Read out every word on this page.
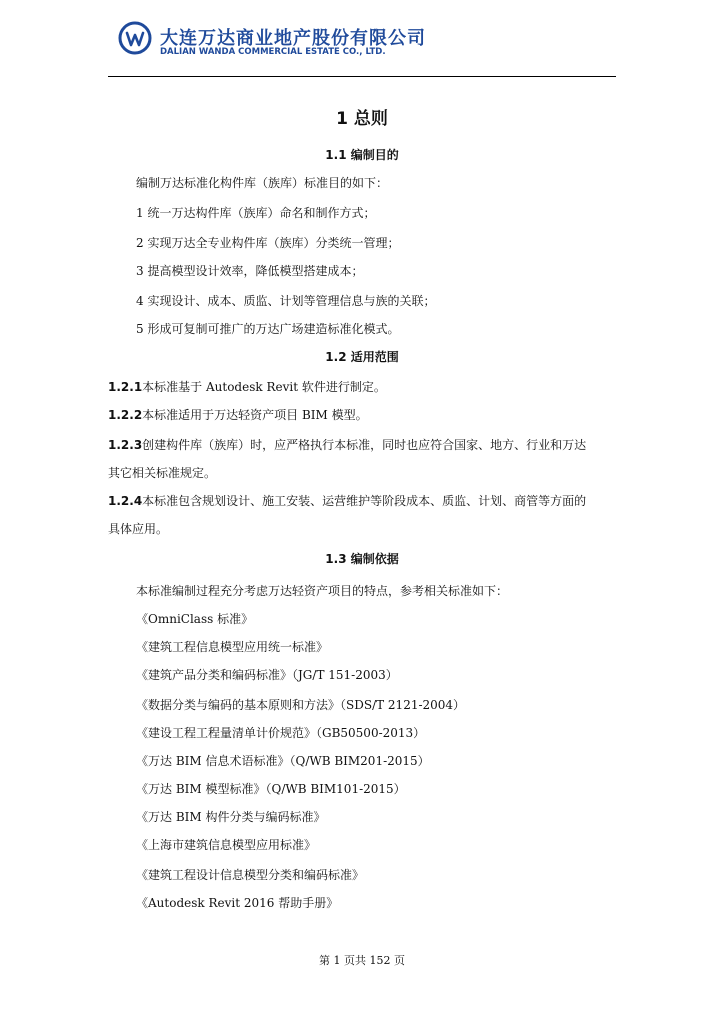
大连万达商业地产股份有限公司
DALIAN WANDA COMMERCIAL ESTATE CO., LTD.
1 总则
1.1 编制目的
编制万达标准化构件库（族库）标准目的如下：
1 统一万达构件库（族库）命名和制作方式；
2 实现万达全专业构件库（族库）分类统一管理；
3 提高模型设计效率，降低模型搭建成本；
4 实现设计、成本、质监、计划等管理信息与族的关联；
5 形成可复制可推广的万达广场建造标准化模式。
1.2 适用范围
1.2.1本标准基于 Autodesk Revit 软件进行制定。
1.2.2本标准适用于万达轻资产项目 BIM 模型。
1.2.3创建构件库（族库）时，应严格执行本标准，同时也应符合国家、地方、行业和万达
其它相关标准规定。
1.2.4本标准包含规划设计、施工安装、运营维护等阶段成本、质监、计划、商管等方面的
具体应用。
1.3 编制依据
本标准编制过程充分考虑万达轻资产项目的特点，参考相关标准如下：
《OmniClass 标准》
《建筑工程信息模型应用统一标准》
《建筑产品分类和编码标准》（JG/T 151-2003）
《数据分类与编码的基本原则和方法》（SDS/T 2121-2004）
《建设工程工程量清单计价规范》（GB50500-2013）
《万达 BIM 信息术语标准》（Q/WB BIM201-2015）
《万达 BIM 模型标准》（Q/WB BIM101-2015）
《万达 BIM 构件分类与编码标准》
《上海市建筑信息模型应用标准》
《建筑工程设计信息模型分类和编码标准》
《Autodesk Revit 2016 帮助手册》
第 1 页共 152 页
